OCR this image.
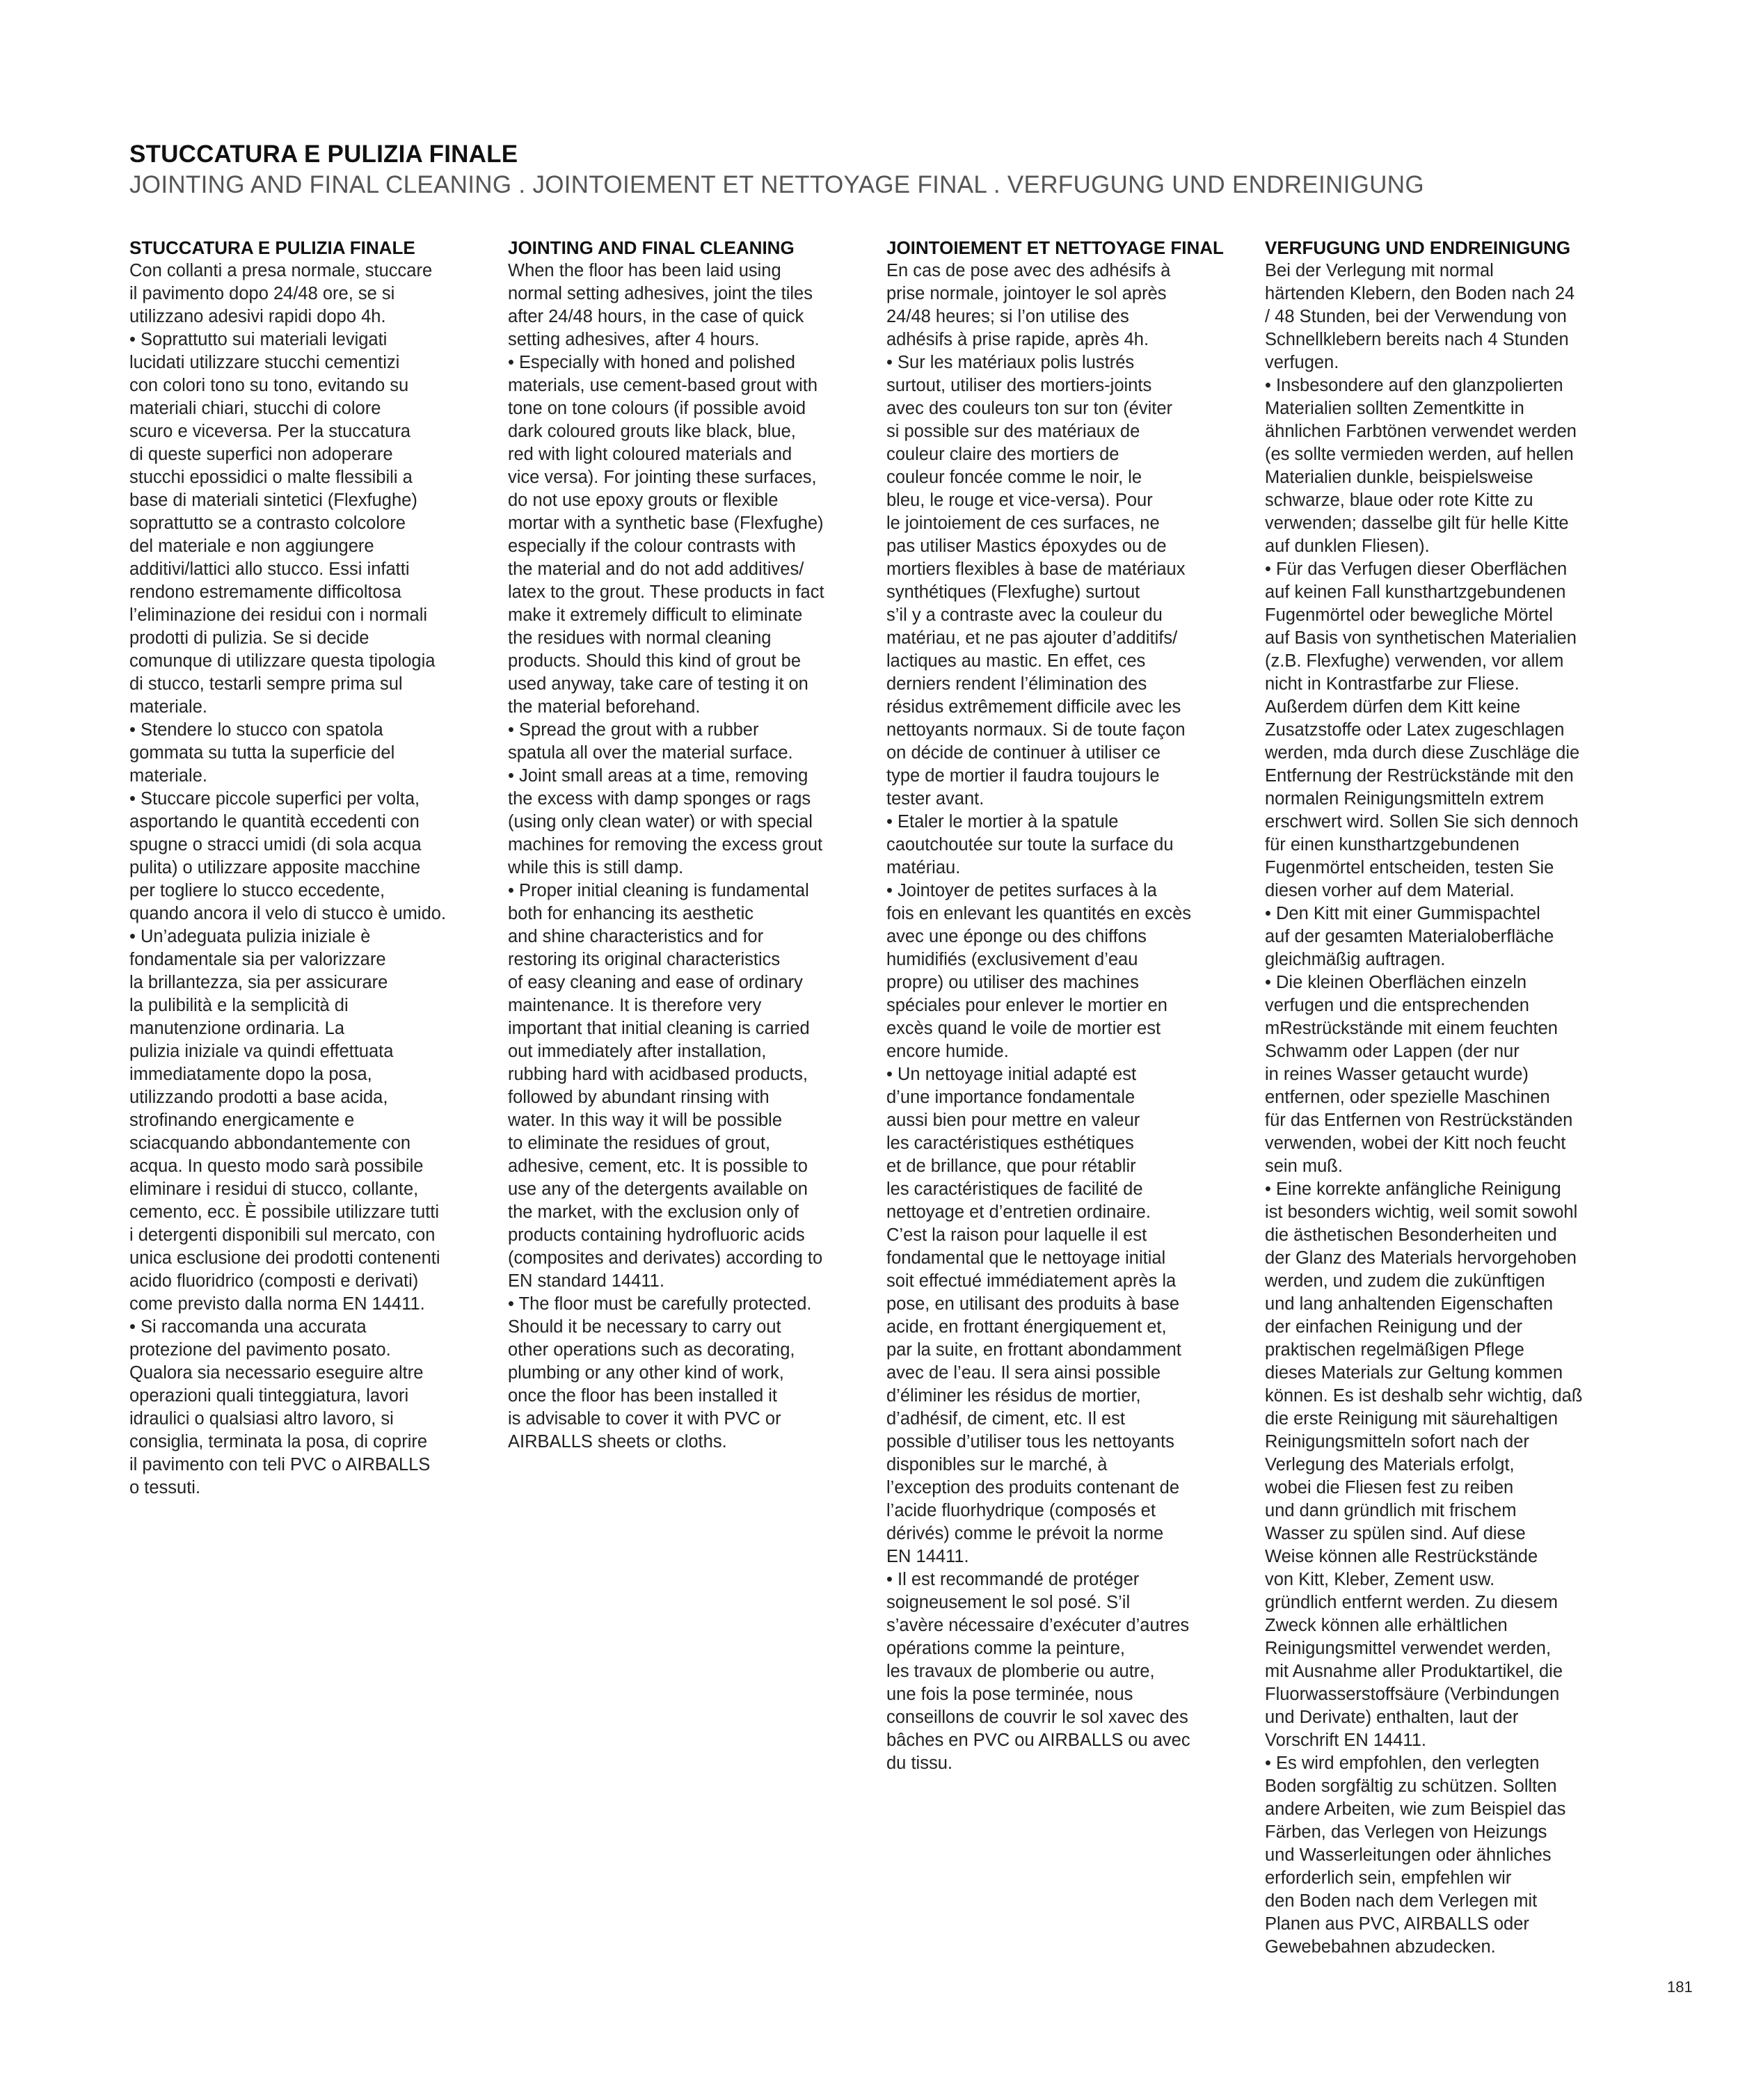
STUCCATURA E PULIZIA FINALE
JOINTING AND FINAL CLEANING . JOINTOIEMENT ET NETTOYAGE FINAL . VERFUGUNG UND ENDREINIGUNG
STUCCATURA E PULIZIA FINALE
Con collanti a presa normale, stuccare
il pavimento dopo 24/48 ore, se si
utilizzano adesivi rapidi dopo 4h.
• Soprattutto sui materiali levigati
lucidati utilizzare stucchi cementizi
con colori tono su tono, evitando su
materiali chiari, stucchi di colore
scuro e viceversa. Per la stuccatura
di queste superfici non adoperare
stucchi epossidici o malte flessibili a
base di materiali sintetici (Flexfughe)
soprattutto se a contrasto colcolore
del materiale e non aggiungere
additivi/lattici allo stucco. Essi infatti
rendono estremamente difficoltosa
l’eliminazione dei residui con i normali
prodotti di pulizia. Se si decide
comunque di utilizzare questa tipologia
di stucco, testarli sempre prima sul
materiale.
• Stendere lo stucco con spatola
gommata su tutta la superficie del
materiale.
• Stuccare piccole superfici per volta,
asportando le quantità eccedenti con
spugne o stracci umidi (di sola acqua
pulita) o utilizzare apposite macchine
per togliere lo stucco eccedente,
quando ancora il velo di stucco è umido.
• Un’adeguata pulizia iniziale è
fondamentale sia per valorizzare
la brillantezza, sia per assicurare
la pulibilità e la semplicità di
manutenzione ordinaria. La
pulizia iniziale va quindi effettuata
immediatamente dopo la posa,
utilizzando prodotti a base acida,
strofinando energicamente e
sciacquando abbondantemente con
acqua. In questo modo sarà possibile
eliminare i residui di stucco, collante,
cemento, ecc. È possibile utilizzare tutti
i detergenti disponibili sul mercato, con
unica esclusione dei prodotti contenenti
acido fluoridrico (composti e derivati)
come previsto dalla norma EN 14411.
• Si raccomanda una accurata
protezione del pavimento posato.
Qualora sia necessario eseguire altre
operazioni quali tinteggiatura, lavori
idraulici o qualsiasi altro lavoro, si
consiglia, terminata la posa, di coprire
il pavimento con teli PVC o AIRBALLS
o tessuti.
JOINTING AND FINAL CLEANING
When the floor has been laid using
normal setting adhesives, joint the tiles
after 24/48 hours, in the case of quick
setting adhesives, after 4 hours.
• Especially with honed and polished
materials, use cement-based grout with
tone on tone colours (if possible avoid
dark coloured grouts like black, blue,
red with light coloured materials and
vice versa). For jointing these surfaces,
do not use epoxy grouts or flexible
mortar with a synthetic base (Flexfughe)
especially if the colour contrasts with
the material and do not add additives/
latex to the grout. These products in fact
make it extremely difficult to eliminate
the residues with normal cleaning
products. Should this kind of grout be
used anyway, take care of testing it on
the material beforehand.
• Spread the grout with a rubber
spatula all over the material surface.
• Joint small areas at a time, removing
the excess with damp sponges or rags
(using only clean water) or with special
machines for removing the excess grout
while this is still damp.
• Proper initial cleaning is fundamental
both for enhancing its aesthetic
and shine characteristics and for
restoring its original characteristics
of easy cleaning and ease of ordinary
maintenance. It is therefore very
important that initial cleaning is carried
out immediately after installation,
rubbing hard with acidbased products,
followed by abundant rinsing with
water. In this way it will be possible
to eliminate the residues of grout,
adhesive, cement, etc. It is possible to
use any of the detergents available on
the market, with the exclusion only of
products containing hydrofluoric acids
(composites and derivates) according to
EN standard 14411.
• The floor must be carefully protected.
Should it be necessary to carry out
other operations such as decorating,
plumbing or any other kind of work,
once the floor has been installed it
is advisable to cover it with PVC or
AIRBALLS sheets or cloths.
JOINTOIEMENT ET NETTOYAGE FINAL
En cas de pose avec des adhésifs à
prise normale, jointoyer le sol après
24/48 heures; si l’on utilise des
adhésifs à prise rapide, après 4h.
• Sur les matériaux polis lustrés
surtout, utiliser des mortiers-joints
avec des couleurs ton sur ton (éviter
si possible sur des matériaux de
couleur claire des mortiers de
couleur foncée comme le noir, le
bleu, le rouge et vice-versa). Pour
le jointoiement de ces surfaces, ne
pas utiliser Mastics époxydes ou de
mortiers flexibles à base de matériaux
synthétiques (Flexfughe) surtout
s’il y a contraste avec la couleur du
matériau, et ne pas ajouter d’additifs/
lactiques au mastic. En effet, ces
derniers rendent l’élimination des
résidus extrêmement difficile avec les
nettoyants normaux. Si de toute façon
on décide de continuer à utiliser ce
type de mortier il faudra toujours le
tester avant.
• Etaler le mortier à la spatule
caoutchoutée sur toute la surface du
matériau.
• Jointoyer de petites surfaces à la
fois en enlevant les quantités en excès
avec une éponge ou des chiffons
humidifiés (exclusivement d’eau
propre) ou utiliser des machines
spéciales pour enlever le mortier en
excès quand le voile de mortier est
encore humide.
• Un nettoyage initial adapté est
d’une importance fondamentale
aussi bien pour mettre en valeur
les caractéristiques esthétiques
et de brillance, que pour rétablir
les caractéristiques de facilité de
nettoyage et d’entretien ordinaire.
C’est la raison pour laquelle il est
fondamental que le nettoyage initial
soit effectué immédiatement après la
pose, en utilisant des produits à base
acide, en frottant énergiquement et,
par la suite, en frottant abondamment
avec de l’eau. Il sera ainsi possible
d’éliminer les résidus de mortier,
d’adhésif, de ciment, etc. Il est
possible d’utiliser tous les nettoyants
disponibles sur le marché, à
l’exception des produits contenant de
l’acide fluorhydrique (composés et
dérivés) comme le prévoit la norme
EN 14411.
• Il est recommandé de protéger
soigneusement le sol posé. S’il
s’avère nécessaire d’exécuter d’autres
opérations comme la peinture,
les travaux de plomberie ou autre,
une fois la pose terminée, nous
conseillons de couvrir le sol xavec des
bâches en PVC ou AIRBALLS ou avec
du tissu.
VERFUGUNG UND ENDREINIGUNG
Bei der Verlegung mit normal
härtenden Klebern, den Boden nach 24
/ 48 Stunden, bei der Verwendung von
Schnellklebern bereits nach 4 Stunden
verfugen.
• Insbesondere auf den glanzpolierten
Materialien sollten Zementkitte in
ähnlichen Farbtönen verwendet werden
(es sollte vermieden werden, auf hellen
Materialien dunkle, beispielsweise
schwarze, blaue oder rote Kitte zu
verwenden; dasselbe gilt für helle Kitte
auf dunklen Fliesen).
• Für das Verfugen dieser Oberflächen
auf keinen Fall kunsthartzgebundenen
Fugenmörtel oder bewegliche Mörtel
auf Basis von synthetischen Materialien
(z.B. Flexfughe) verwenden, vor allem
nicht in Kontrastfarbe zur Fliese.
Außerdem dürfen dem Kitt keine
Zusatzstoffe oder Latex zugeschlagen
werden, mda durch diese Zuschläge die
Entfernung der Restrückstände mit den
normalen Reinigungsmitteln extrem
erschwert wird. Sollen Sie sich dennoch
für einen kunsthartzgebundenen
Fugenmörtel entscheiden, testen Sie
diesen vorher auf dem Material.
• Den Kitt mit einer Gummispachtel
auf der gesamten Materialoberfläche
gleichmäßig auftragen.
• Die kleinen Oberflächen einzeln
verfugen und die entsprechenden
mRestrückstände mit einem feuchten
Schwamm oder Lappen (der nur
in reines Wasser getaucht wurde)
entfernen, oder spezielle Maschinen
für das Entfernen von Restrückständen
verwenden, wobei der Kitt noch feucht
sein muß.
• Eine korrekte anfängliche Reinigung
ist besonders wichtig, weil somit sowohl
die ästhetischen Besonderheiten und
der Glanz des Materials hervorgehoben
werden, und zudem die zukünftigen
und lang anhaltenden Eigenschaften
der einfachen Reinigung und der
praktischen regelmäßigen Pflege
dieses Materials zur Geltung kommen
können. Es ist deshalb sehr wichtig, daß
die erste Reinigung mit säurehaltigen
Reinigungsmitteln sofort nach der
Verlegung des Materials erfolgt,
wobei die Fliesen fest zu reiben
und dann gründlich mit frischem
Wasser zu spülen sind. Auf diese
Weise können alle Restrückstände
von Kitt, Kleber, Zement usw.
gründlich entfernt werden. Zu diesem
Zweck können alle erhältlichen
Reinigungsmittel verwendet werden,
mit Ausnahme aller Produktartikel, die
Fluorwasserstoffsäure (Verbindungen
und Derivate) enthalten, laut der
Vorschrift EN 14411.
• Es wird empfohlen, den verlegten
Boden sorgfältig zu schützen. Sollten
andere Arbeiten, wie zum Beispiel das
Färben, das Verlegen von Heizungs
und Wasserleitungen oder ähnliches
erforderlich sein, empfehlen wir
den Boden nach dem Verlegen mit
Planen aus PVC, AIRBALLS oder
Gewebebahnen abzudecken.
181
